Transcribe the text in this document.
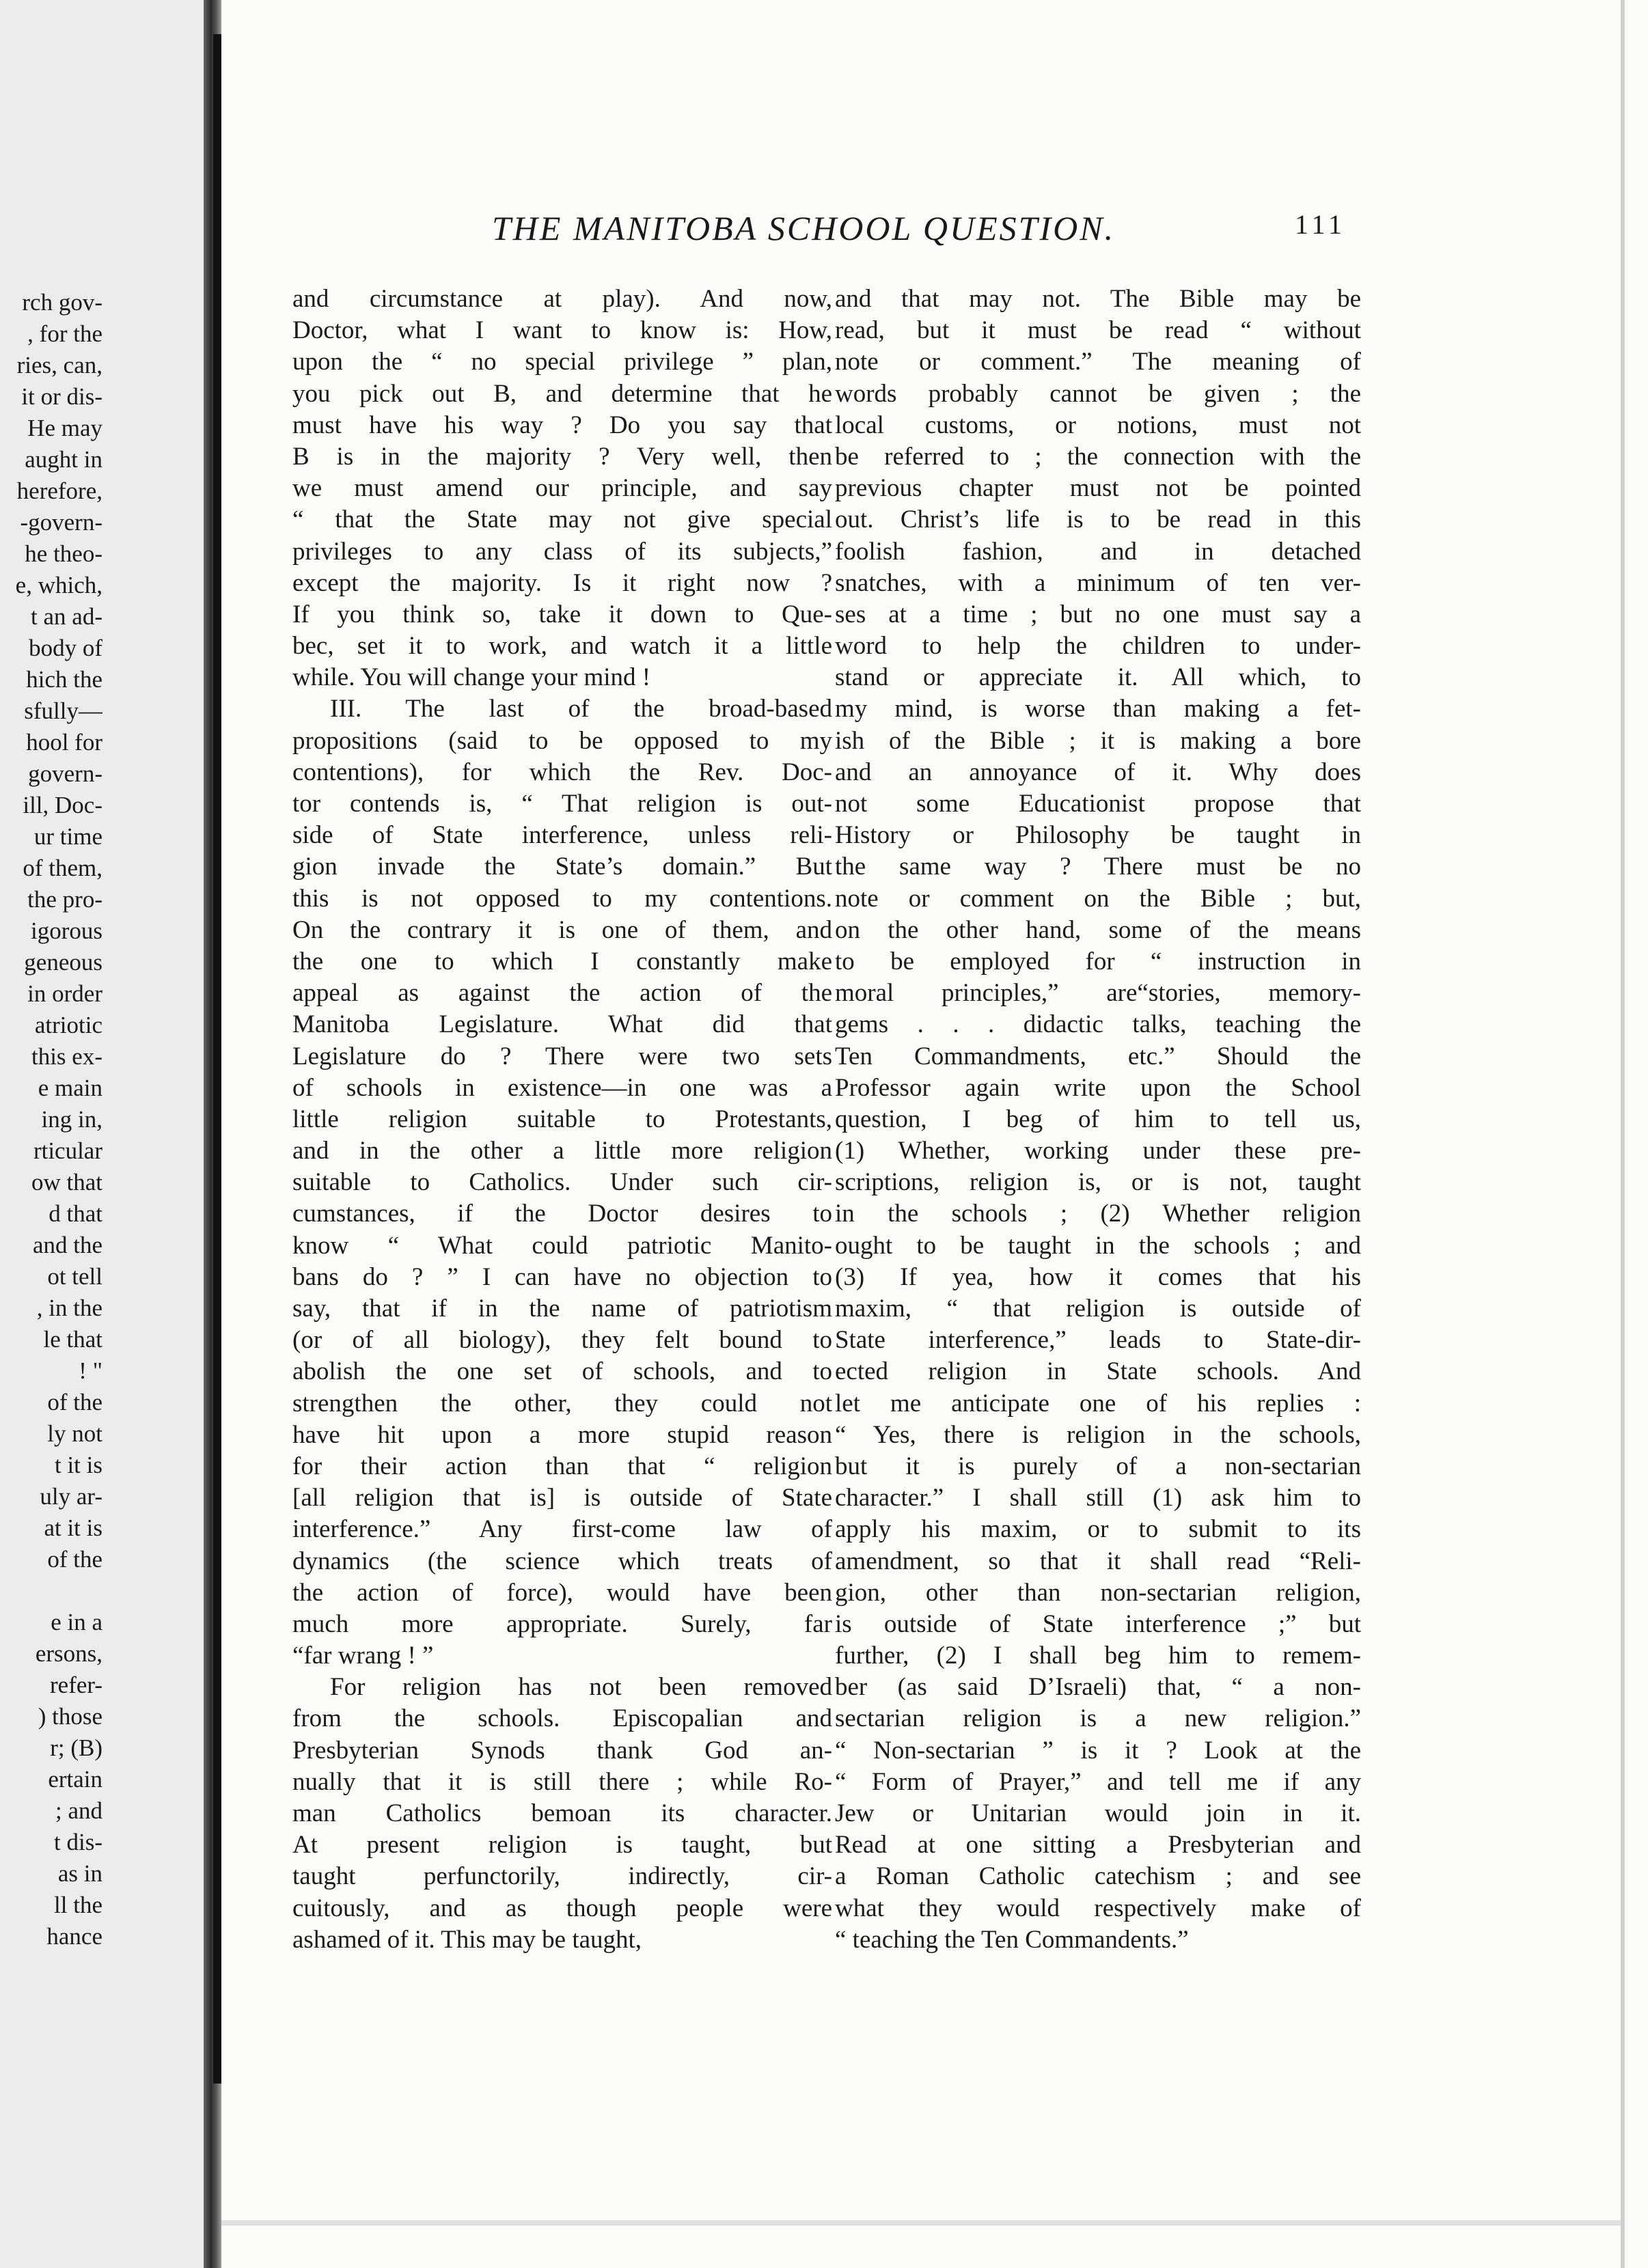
rch gov-
, for the
ries, can,
it or dis-
He may
aught in
herefore,
-govern-
he theo-
e, which,
t an ad-
body of
hich the
sfully—
hool for
govern-
ill, Doc-
ur time
of them,
the pro-
igorous
geneous
in order
atriotic
this ex-
e main
ing in,
rticular
ow that
d that
and the
ot tell
, in the
le that
! "
of the
ly not
t it is
uly ar-
at it is
of the
e in a
ersons,
refer-
) those
r; (B)
ertain
; and
t dis-
as in
ll the
hance
THE MANITOBA SCHOOL QUESTION.	111
and circumstance at play). And now,
Doctor, what I want to know is: How,
upon the “ no special privilege ” plan,
you pick out B, and determine that he
must have his way ? Do you say that
B is in the majority ? Very well, then
we must amend our principle, and say
“ that the State may not give special
privileges to any class of its subjects,”
except the majority. Is it right now ?
If you think so, take it down to Que-
bec, set it to work, and watch it a little
while. You will change your mind !
III. The last of the broad-based
propositions (said to be opposed to my
contentions), for which the Rev. Doc-
tor contends is, “ That religion is out-
side of State interference, unless reli-
gion invade the State’s domain.” But
this is not opposed to my contentions.
On the contrary it is one of them, and
the one to which I constantly make
appeal as against the action of the
Manitoba Legislature. What did that
Legislature do ? There were two sets
of schools in existence—in one was a
little religion suitable to Protestants,
and in the other a little more religion
suitable to Catholics. Under such cir-
cumstances, if the Doctor desires to
know “ What could patriotic Manito-
bans do ? ” I can have no objection to
say, that if in the name of patriotism
(or of all biology), they felt bound to
abolish the one set of schools, and to
strengthen the other, they could not
have hit upon a more stupid reason
for their action than that “ religion
[all religion that is] is outside of State
interference.” Any first-come law of
dynamics (the science which treats of
the action of force), would have been
much more appropriate. Surely, far
“far wrang ! ”
For religion has not been removed
from the schools. Episcopalian and
Presbyterian Synods thank God an-
nually that it is still there ; while Ro-
man Catholics bemoan its character.
At present religion is taught, but
taught perfunctorily, indirectly, cir-
cuitously, and as though people were
ashamed of it. This may be taught,
and that may not. The Bible may be
read, but it must be read “ without
note or comment.” The meaning of
words probably cannot be given ; the
local customs, or notions, must not
be referred to ; the connection with the
previous chapter must not be pointed
out. Christ’s life is to be read in this
foolish fashion, and in detached
snatches, with a minimum of ten ver-
ses at a time ; but no one must say a
word to help the children to under-
stand or appreciate it. All which, to
my mind, is worse than making a fet-
ish of the Bible ; it is making a bore
and an annoyance of it. Why does
not some Educationist propose that
History or Philosophy be taught in
the same way ? There must be no
note or comment on the Bible ; but,
on the other hand, some of the means
to be employed for “ instruction in
moral principles,” are“stories, memory-
gems . . . didactic talks, teaching the
Ten Commandments, etc.” Should the
Professor again write upon the School
question, I beg of him to tell us,
(1) Whether, working under these pre-
scriptions, religion is, or is not, taught
in the schools ; (2) Whether religion
ought to be taught in the schools ; and
(3) If yea, how it comes that his
maxim, “ that religion is outside of
State interference,” leads to State-dir-
ected religion in State schools. And
let me anticipate one of his replies :
“ Yes, there is religion in the schools,
but it is purely of a non-sectarian
character.” I shall still (1) ask him to
apply his maxim, or to submit to its
amendment, so that it shall read “Reli-
gion, other than non-sectarian religion,
is outside of State interference ;” but
further, (2) I shall beg him to remem-
ber (as said D’Israeli) that, “ a non-
sectarian religion is a new religion.”
“ Non-sectarian ” is it ? Look at the
“ Form of Prayer,” and tell me if any
Jew or Unitarian would join in it.
Read at one sitting a Presbyterian and
a Roman Catholic catechism ; and see
what they would respectively make of
“ teaching the Ten Commandents.”
